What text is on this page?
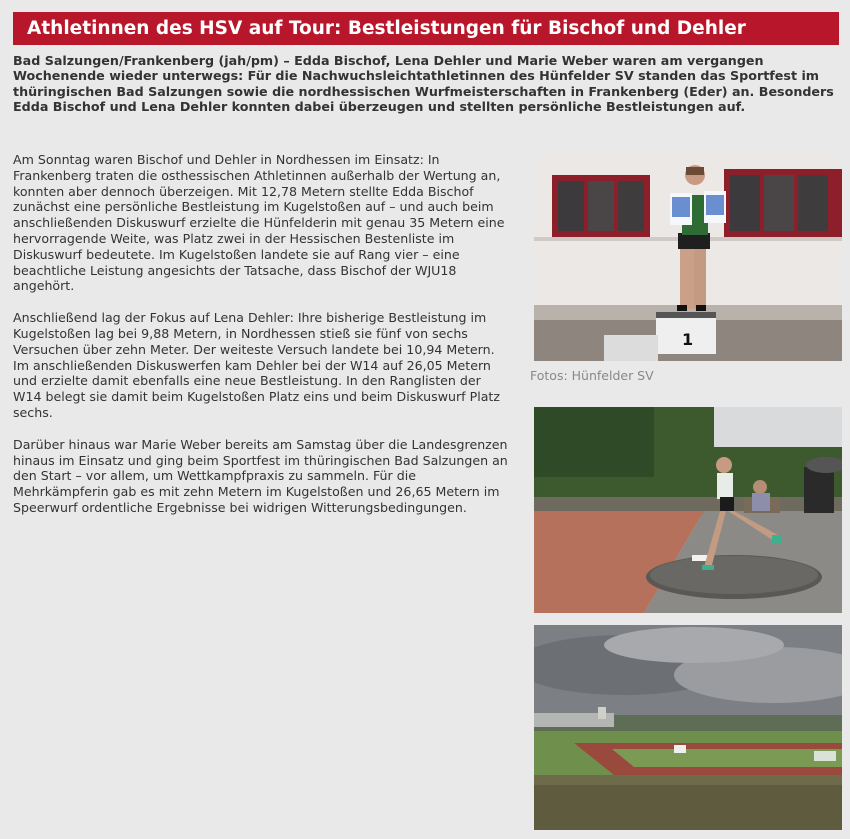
Athletinnen des HSV auf Tour: Bestleistungen für Bischof und Dehler

Bad Salzungen/Frankenberg (jah/pm) – Edda Bischof, Lena Dehler und Marie Weber waren am vergangen Wochenende wieder unterwegs: Für die Nachwuchsleichtathletinnen des Hünfelder SV standen das Sportfest im thüringischen Bad Salzungen sowie die nordhessischen Wurfmeisterschaften in Frankenberg (Eder) an. Besonders Edda Bischof und Lena Dehler konnten dabei überzeugen und stellten persönliche Bestleistungen auf.

Am Sonntag waren Bischof und Dehler in Nordhessen im Einsatz: In Frankenberg traten die osthessischen Athletinnen außerhalb der Wertung an, konnten aber dennoch überzeigen. Mit 12,78 Metern stellte Edda Bischof zunächst eine persönliche Bestleistung im Kugelstoßen auf – und auch beim anschließenden Diskuswurf erzielte die Hünfelderin mit genau 35 Metern eine hervorragende Weite, was Platz zwei in der Hessischen Bestenliste im Diskuswurf bedeutete. Im Kugelstoßen landete sie auf Rang vier – eine beachtliche Leistung angesichts der Tatsache, dass Bischof der WJU18 angehört.

Anschließend lag der Fokus auf Lena Dehler: Ihre bisherige Bestleistung im Kugelstoßen lag bei 9,88 Metern, in Nordhessen stieß sie fünf von sechs Versuchen über zehn Meter. Der weiteste Versuch landete bei 10,94 Metern. Im anschließenden Diskuswerfen kam Dehler bei der W14 auf 26,05 Metern und erzielte damit ebenfalls eine neue Bestleistung. In den Ranglisten der W14 belegt sie damit beim Kugelstoßen Platz eins und beim Diskuswurf Platz sechs.

Darüber hinaus war Marie Weber bereits am Samstag über die Landesgrenzen hinaus im Einsatz und ging beim Sportfest im thüringischen Bad Salzungen an den Start – vor allem, um Wettkampfpraxis zu sammeln. Für die Mehrkämpferin gab es mit zehn Metern im Kugelstoßen und 26,65 Metern im Speerwurf ordentliche Ergebnisse bei widrigen Witterungsbedingungen.

1
Fotos: Hünfelder SV
